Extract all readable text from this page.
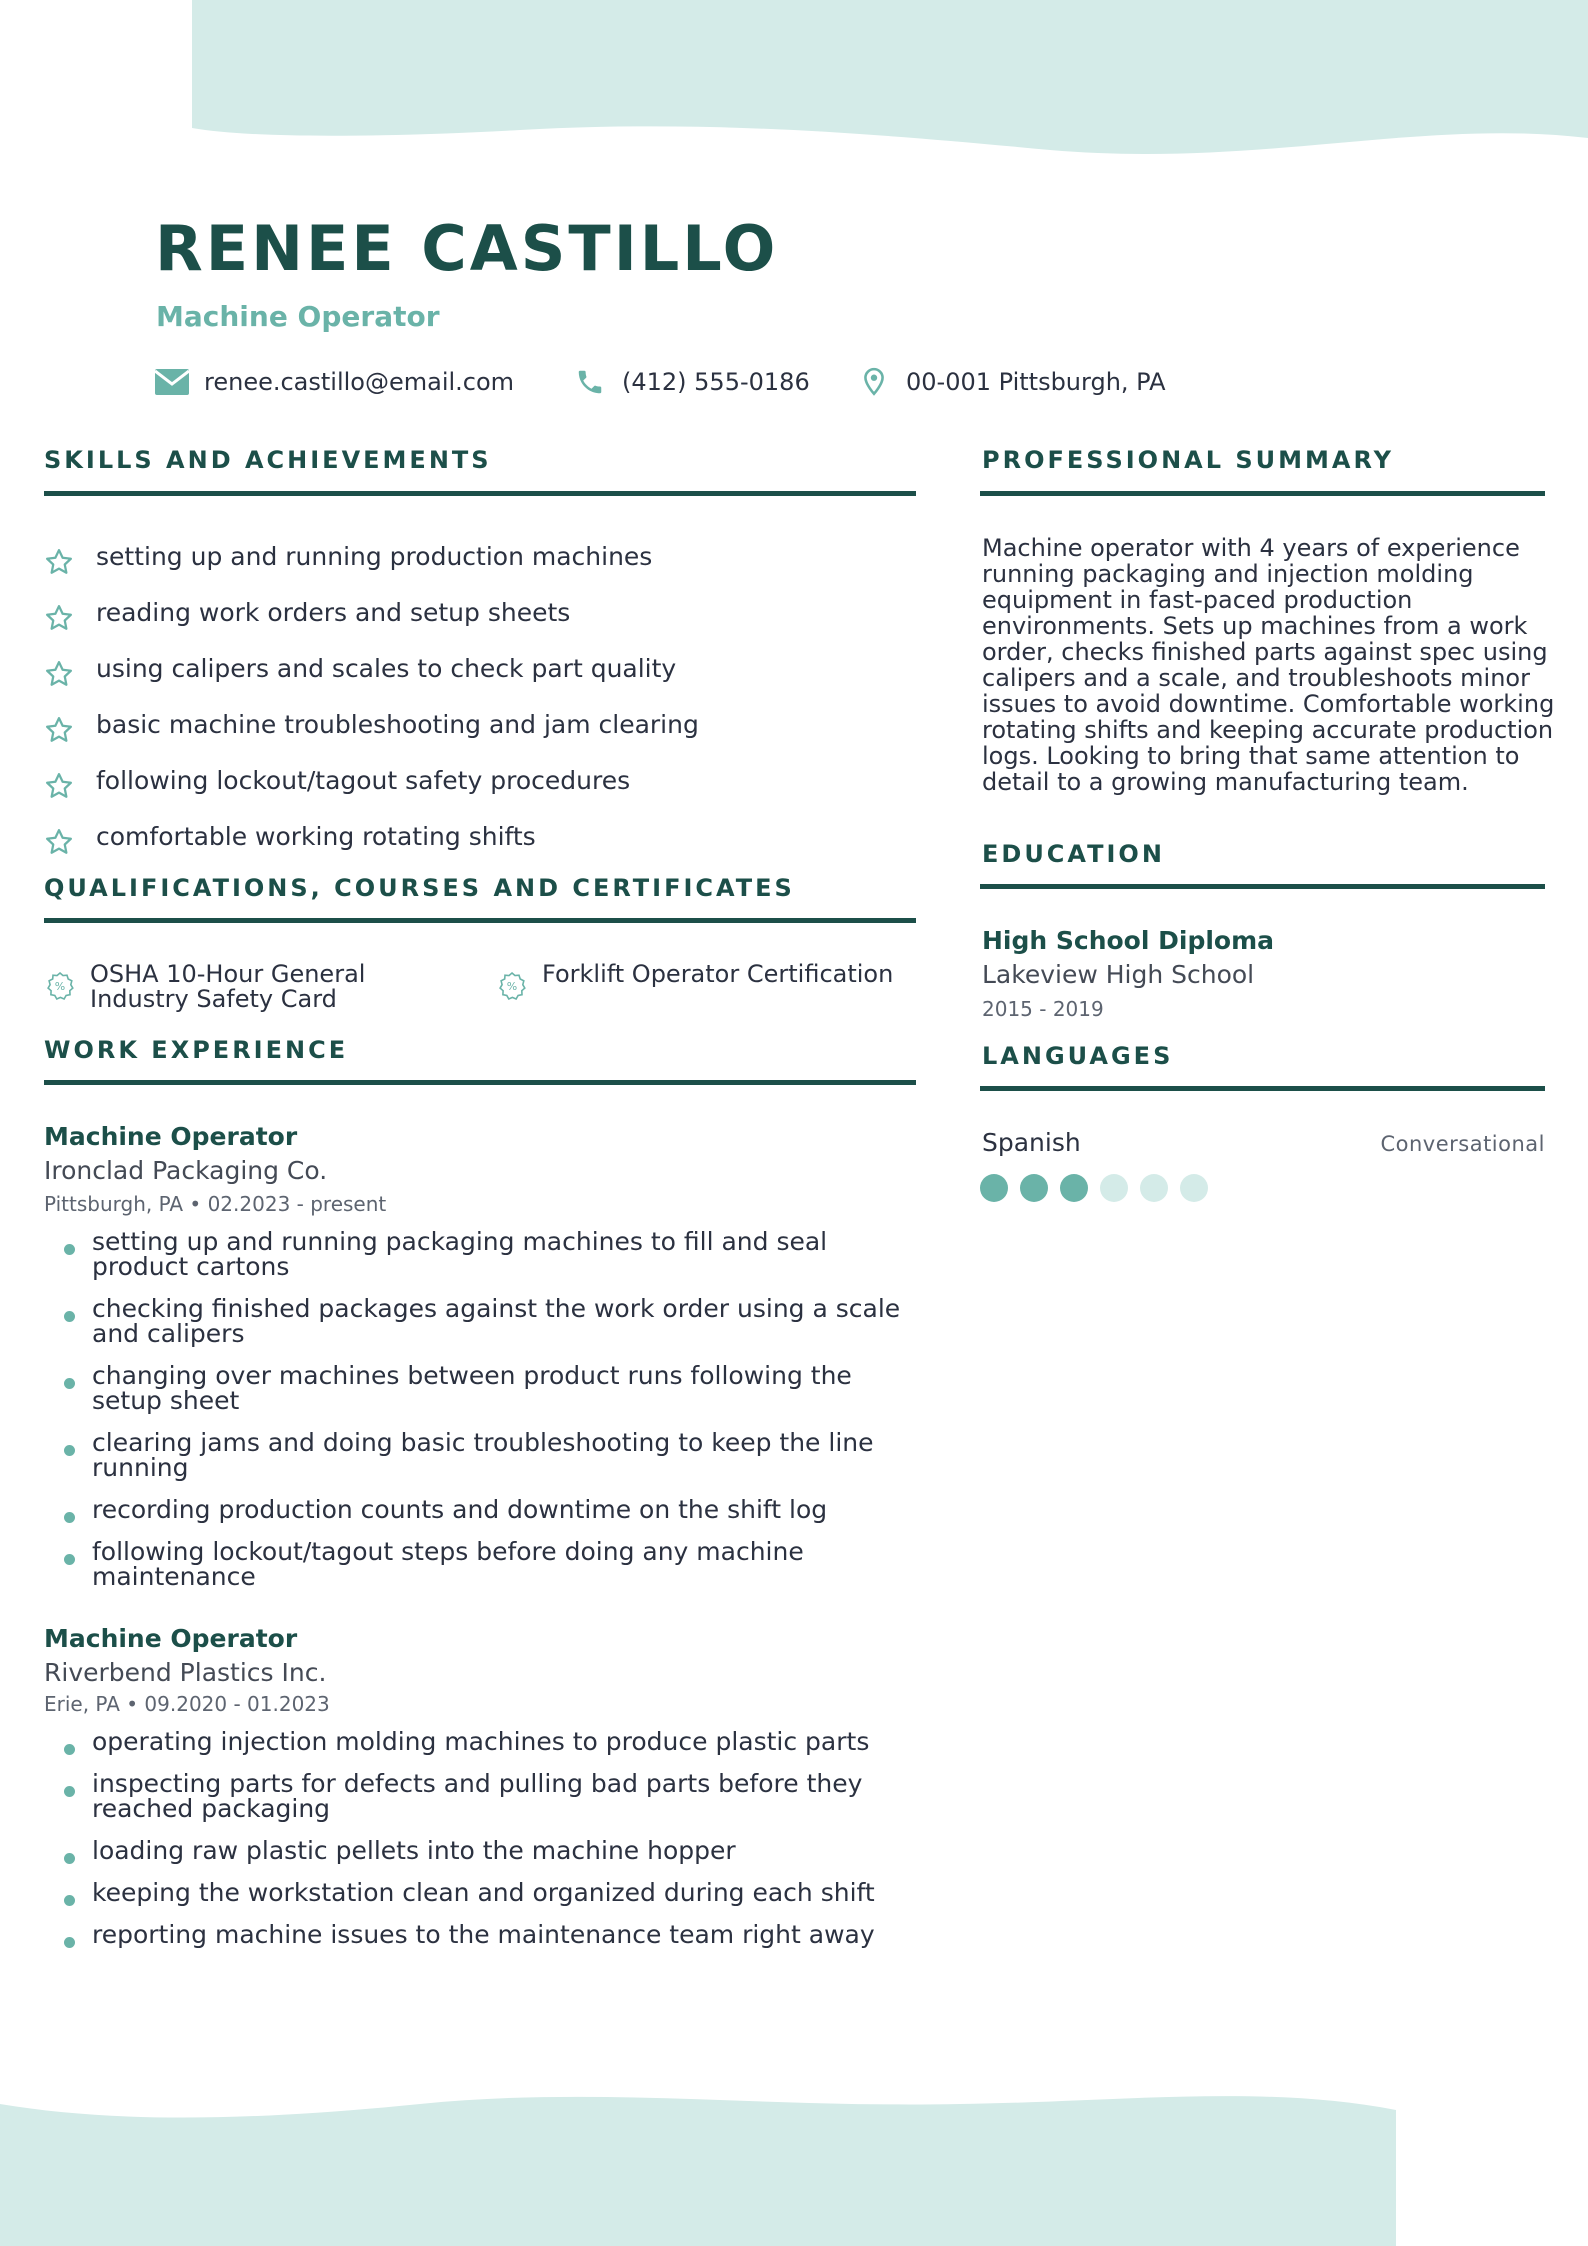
RENEE CASTILLO
Machine Operator
renee.castillo@email.com	(412) 555-0186	00-001 Pittsburgh, PA
SKILLS AND ACHIEVEMENTS
setting up and running production machines
reading work orders and setup sheets
using calipers and scales to check part quality
basic machine troubleshooting and jam clearing
following lockout/tagout safety procedures
comfortable working rotating shifts
QUALIFICATIONS, COURSES AND CERTIFICATES
% OSHA 10-Hour General Industry Safety Card	% Forklift Operator Certification
WORK EXPERIENCE
Machine Operator
Ironclad Packaging Co.
Pittsburgh, PA • 02.2023 - present
setting up and running packaging machines to fill and seal product cartons
checking finished packages against the work order using a scale and calipers
changing over machines between product runs following the setup sheet
clearing jams and doing basic troubleshooting to keep the line running
recording production counts and downtime on the shift log
following lockout/tagout steps before doing any machine maintenance
Machine Operator
Riverbend Plastics Inc.
Erie, PA • 09.2020 - 01.2023
operating injection molding machines to produce plastic parts
inspecting parts for defects and pulling bad parts before they reached packaging
loading raw plastic pellets into the machine hopper
keeping the workstation clean and organized during each shift
reporting machine issues to the maintenance team right away
PROFESSIONAL SUMMARY
Machine operator with 4 years of experience running packaging and injection molding equipment in fast-paced production environments. Sets up machines from a work order, checks finished parts against spec using calipers and a scale, and troubleshoots minor issues to avoid downtime. Comfortable working rotating shifts and keeping accurate production logs. Looking to bring that same attention to detail to a growing manufacturing team.
EDUCATION
High School Diploma
Lakeview High School
2015 - 2019
LANGUAGES
Spanish	Conversational
